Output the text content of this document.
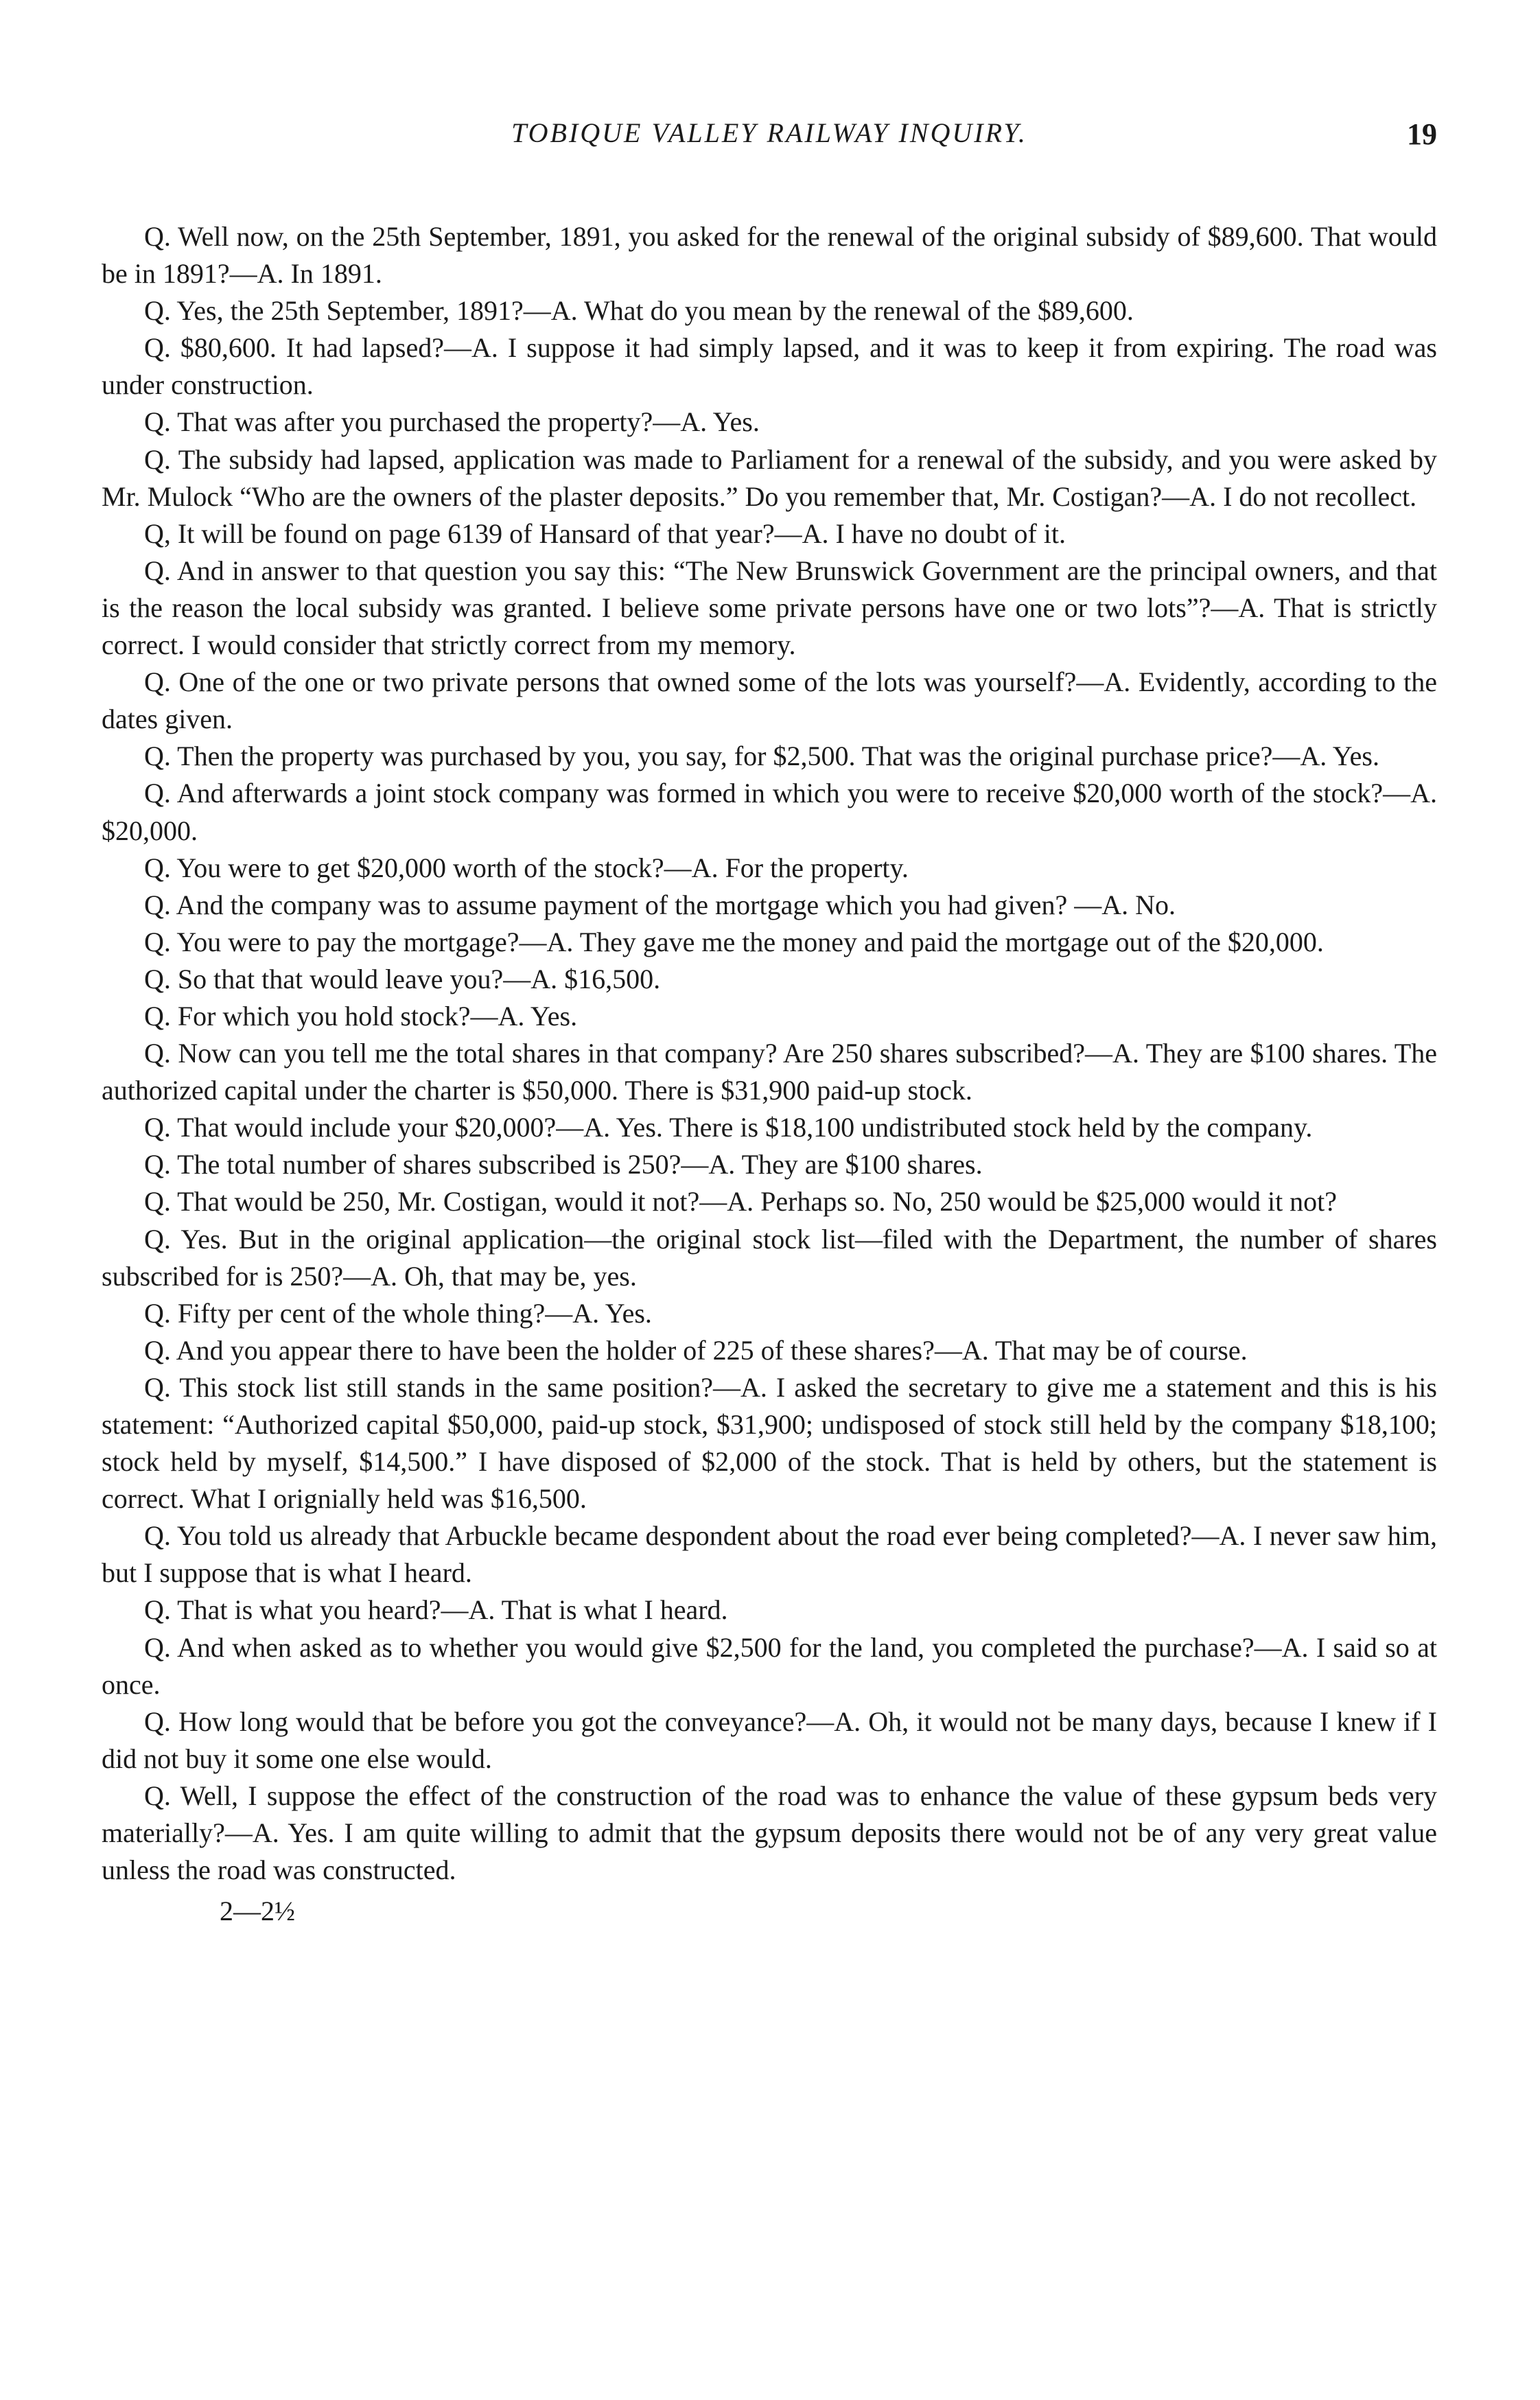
TOBIQUE VALLEY RAILWAY INQUIRY.	19

Q. Well now, on the 25th September, 1891, you asked for the renewal of the original subsidy of $89,600. That would be in 1891?—A. In 1891.

Q. Yes, the 25th September, 1891?—A. What do you mean by the renewal of the $89,600.

Q. $80,600. It had lapsed?—A. I suppose it had simply lapsed, and it was to keep it from expiring. The road was under construction.

Q. That was after you purchased the property?—A. Yes.

Q. The subsidy had lapsed, application was made to Parliament for a renewal of the subsidy, and you were asked by Mr. Mulock “Who are the owners of the plaster deposits.” Do you remember that, Mr. Costigan?—A. I do not recollect.

Q, It will be found on page 6139 of Hansard of that year?—A. I have no doubt of it.

Q. And in answer to that question you say this: “The New Brunswick Government are the principal owners, and that is the reason the local subsidy was granted. I believe some private persons have one or two lots”?—A. That is strictly correct. I would consider that strictly correct from my memory.

Q. One of the one or two private persons that owned some of the lots was yourself?—A. Evidently, according to the dates given.

Q. Then the property was purchased by you, you say, for $2,500. That was the original purchase price?—A. Yes.

Q. And afterwards a joint stock company was formed in which you were to receive $20,000 worth of the stock?—A. $20,000.

Q. You were to get $20,000 worth of the stock?—A. For the property.

Q. And the company was to assume payment of the mortgage which you had given? —A. No.

Q. You were to pay the mortgage?—A. They gave me the money and paid the mortgage out of the $20,000.

Q. So that that would leave you?—A. $16,500.

Q. For which you hold stock?—A. Yes.

Q. Now can you tell me the total shares in that company? Are 250 shares subscribed?—A. They are $100 shares. The authorized capital under the charter is $50,000. There is $31,900 paid-up stock.

Q. That would include your $20,000?—A. Yes. There is $18,100 undistributed stock held by the company.

Q. The total number of shares subscribed is 250?—A. They are $100 shares.

Q. That would be 250, Mr. Costigan, would it not?—A. Perhaps so. No, 250 would be $25,000 would it not?

Q. Yes. But in the original application—the original stock list—filed with the Department, the number of shares subscribed for is 250?—A. Oh, that may be, yes.

Q. Fifty per cent of the whole thing?—A. Yes.

Q. And you appear there to have been the holder of 225 of these shares?—A. That may be of course.

Q. This stock list still stands in the same position?—A. I asked the secretary to give me a statement and this is his statement: “Authorized capital $50,000, paid-up stock, $31,900; undisposed of stock still held by the company $18,100; stock held by myself, $14,500.” I have disposed of $2,000 of the stock. That is held by others, but the statement is correct. What I orignially held was $16,500.

Q. You told us already that Arbuckle became despondent about the road ever being completed?—A. I never saw him, but I suppose that is what I heard.

Q. That is what you heard?—A. That is what I heard.

Q. And when asked as to whether you would give $2,500 for the land, you completed the purchase?—A. I said so at once.

Q. How long would that be before you got the conveyance?—A. Oh, it would not be many days, because I knew if I did not buy it some one else would.

Q. Well, I suppose the effect of the construction of the road was to enhance the value of these gypsum beds very materially?—A. Yes. I am quite willing to admit that the gypsum deposits there would not be of any very great value unless the road was constructed.

2—2½
